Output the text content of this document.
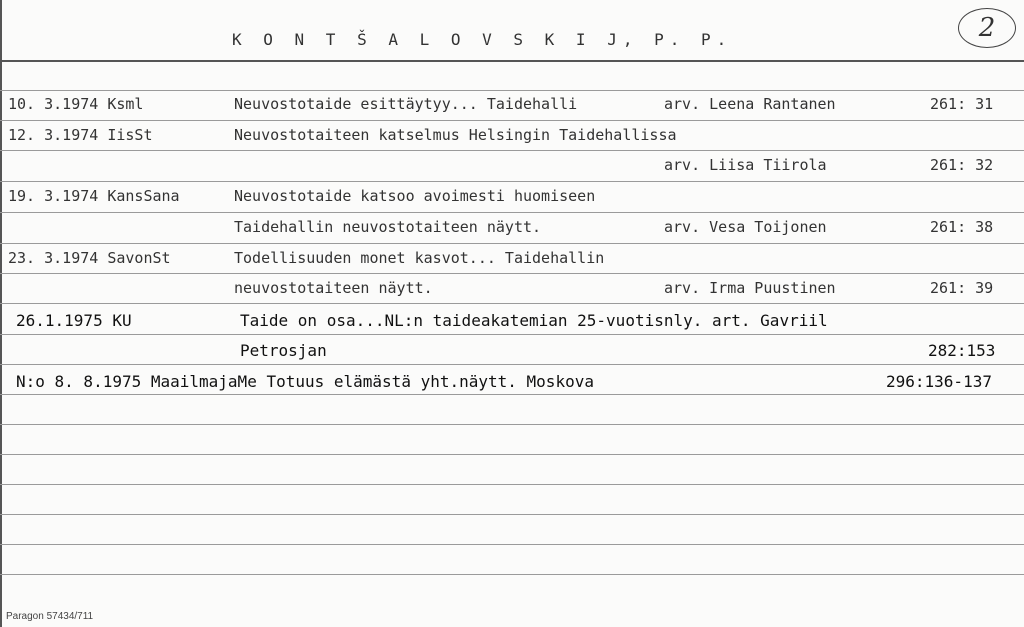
K O N T Š A L O V S K I J, P. P.	2
10. 3.1974 Ksml	Neuvostotaide esittäytyy... Taidehalli	arv. Leena Rantanen	261: 31
12. 3.1974 IisSt	Neuvostotaiteen katselmus Helsingin Taidehallissa
arv. Liisa Tiirola	261: 32
19. 3.1974 KansSana	Neuvostotaide katsoo avoimesti huomiseen
Taidehallin neuvostotaiteen näytt.	arv. Vesa Toijonen	261: 38
23. 3.1974 SavonSt	Todellisuuden monet kasvot... Taidehallin
neuvostotaiteen näytt.	arv. Irma Puustinen	261: 39
26.1.1975 KU	Taide on osa...NL:n taideakatemian 25-vuotisnly. art. Gavriil
Petrosjan	282:153
N:o 8. 8.1975 MaailmajaMe Totuus elämästä yht.näytt. Moskova	296:136-137
Paragon 57434/711
